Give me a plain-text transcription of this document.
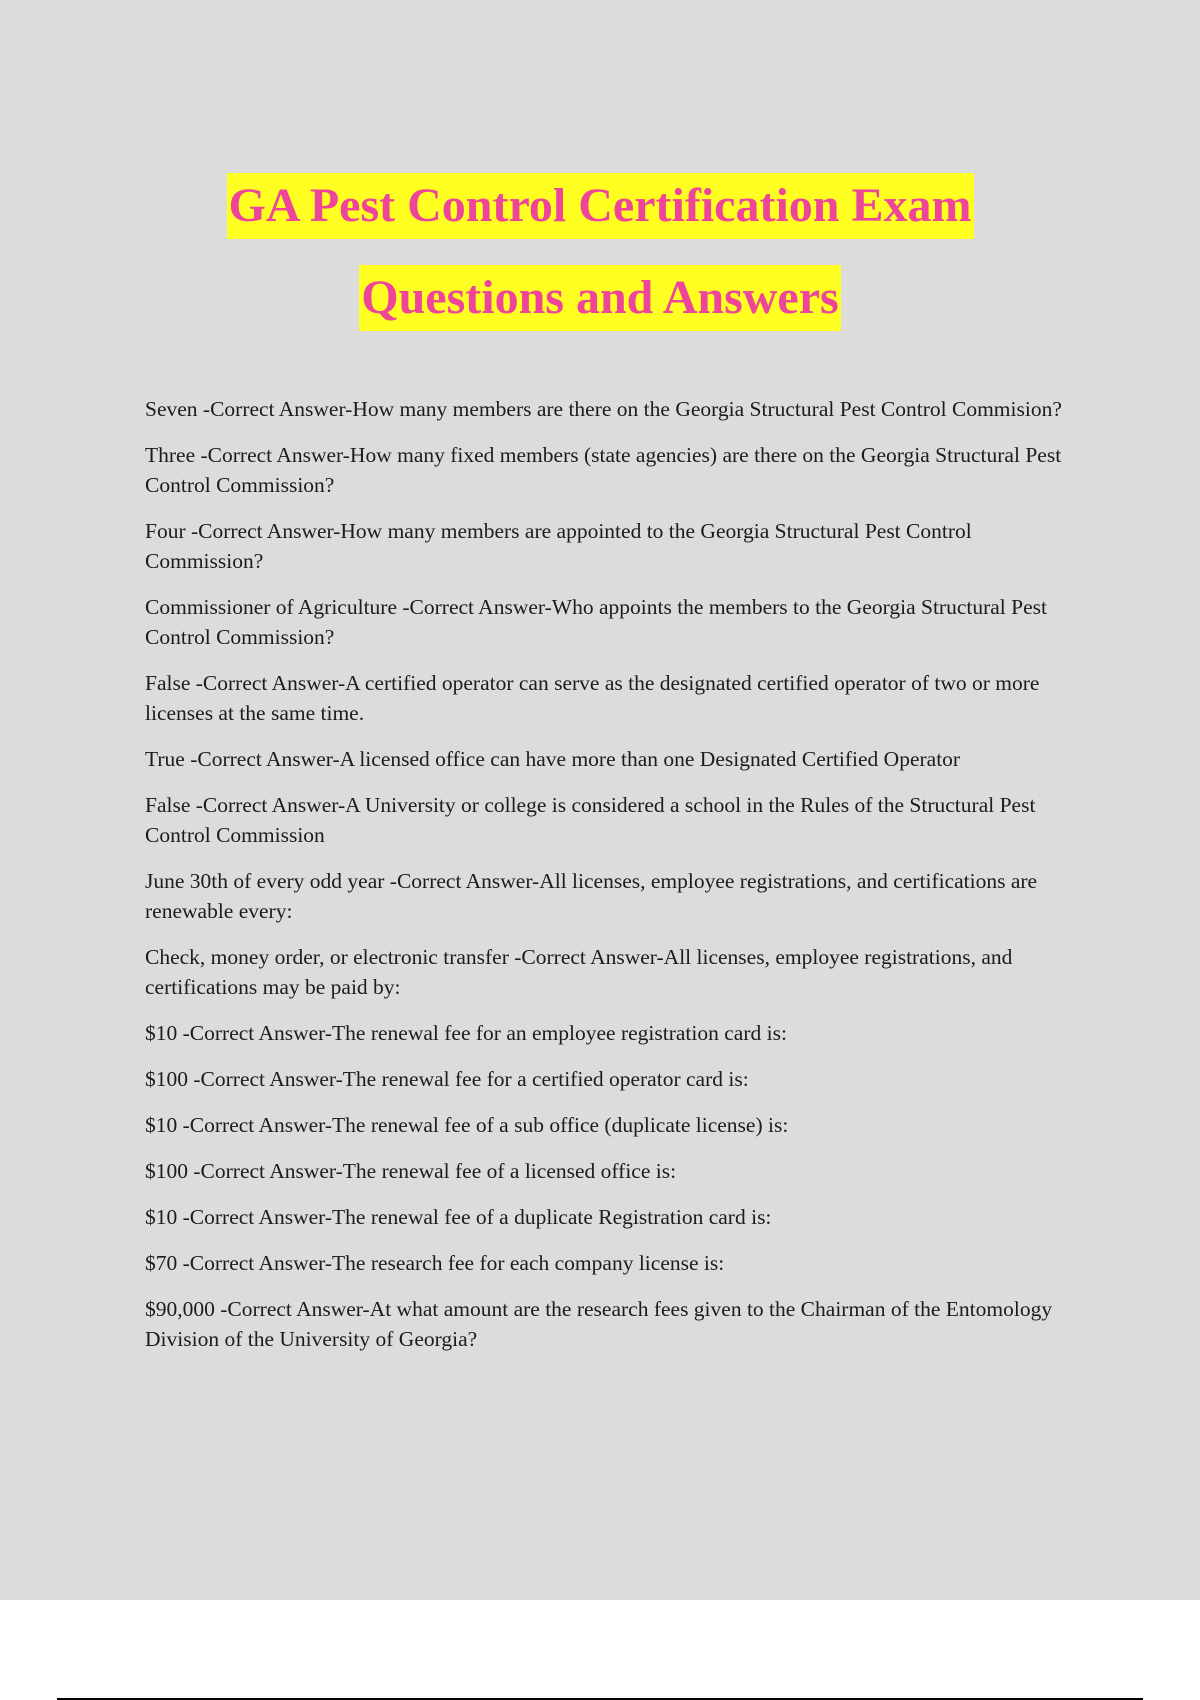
GA Pest Control Certification Exam
Questions and Answers
Seven -Correct Answer-How many members are there on the Georgia Structural Pest Control Commision?
Three -Correct Answer-How many fixed members (state agencies) are there on the Georgia Structural Pest Control Commission?
Four -Correct Answer-How many members are appointed to the Georgia Structural Pest Control Commission?
Commissioner of Agriculture -Correct Answer-Who appoints the members to the Georgia Structural Pest Control Commission?
False -Correct Answer-A certified operator can serve as the designated certified operator of two or more licenses at the same time.
True -Correct Answer-A licensed office can have more than one Designated Certified Operator
False -Correct Answer-A University or college is considered a school in the Rules of the Structural Pest Control Commission
June 30th of every odd year -Correct Answer-All licenses, employee registrations, and certifications are renewable every:
Check, money order, or electronic transfer -Correct Answer-All licenses, employee registrations, and certifications may be paid by:
$10 -Correct Answer-The renewal fee for an employee registration card is:
$100 -Correct Answer-The renewal fee for a certified operator card is:
$10 -Correct Answer-The renewal fee of a sub office (duplicate license) is:
$100 -Correct Answer-The renewal fee of a licensed office is:
$10 -Correct Answer-The renewal fee of a duplicate Registration card is:
$70 -Correct Answer-The research fee for each company license is:
$90,000 -Correct Answer-At what amount are the research fees given to the Chairman of the Entomology Division of the University of Georgia?
